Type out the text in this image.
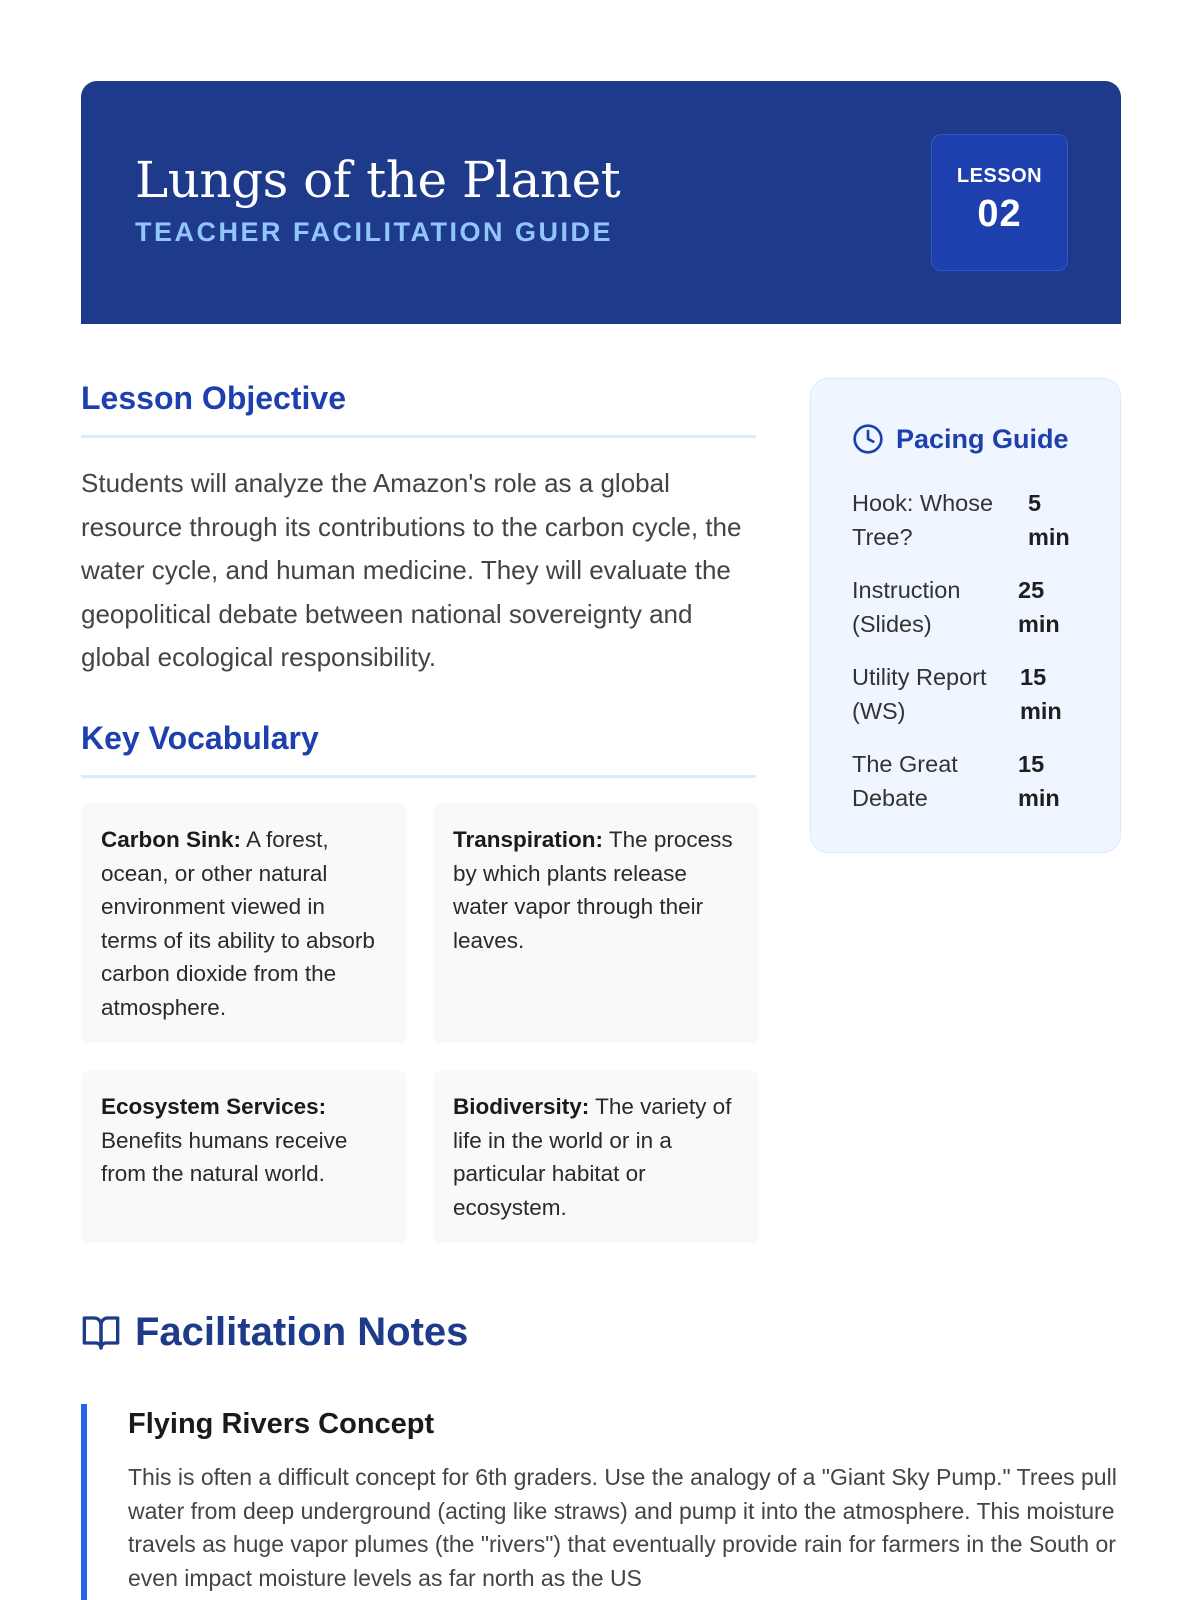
Lungs of the Planet
TEACHER FACILITATION GUIDE
LESSON
02
Lesson Objective
Students will analyze the Amazon's role as a global resource through its contributions to the carbon cycle, the water cycle, and human medicine. They will evaluate the geopolitical debate between national sovereignty and global ecological responsibility.
Key Vocabulary
Carbon Sink: A forest, ocean, or other natural environment viewed in terms of its ability to absorb carbon dioxide from the atmosphere.
Transpiration: The process by which plants release water vapor through their leaves.
Ecosystem Services: Benefits humans receive from the natural world.
Biodiversity: The variety of life in the world or in a particular habitat or ecosystem.
Pacing Guide
Hook: Whose
Tree?
5
min
Instruction
(Slides)
25
min
Utility Report
(WS)
15
min
The Great
Debate
15
min
Facilitation Notes
Flying Rivers Concept
This is often a difficult concept for 6th graders. Use the analogy of a "Giant Sky Pump." Trees pull water from deep underground (acting like straws) and pump it into the atmosphere. This moisture travels as huge vapor plumes (the "rivers") that eventually provide rain for farmers in the South or even impact moisture levels as far north as the US
